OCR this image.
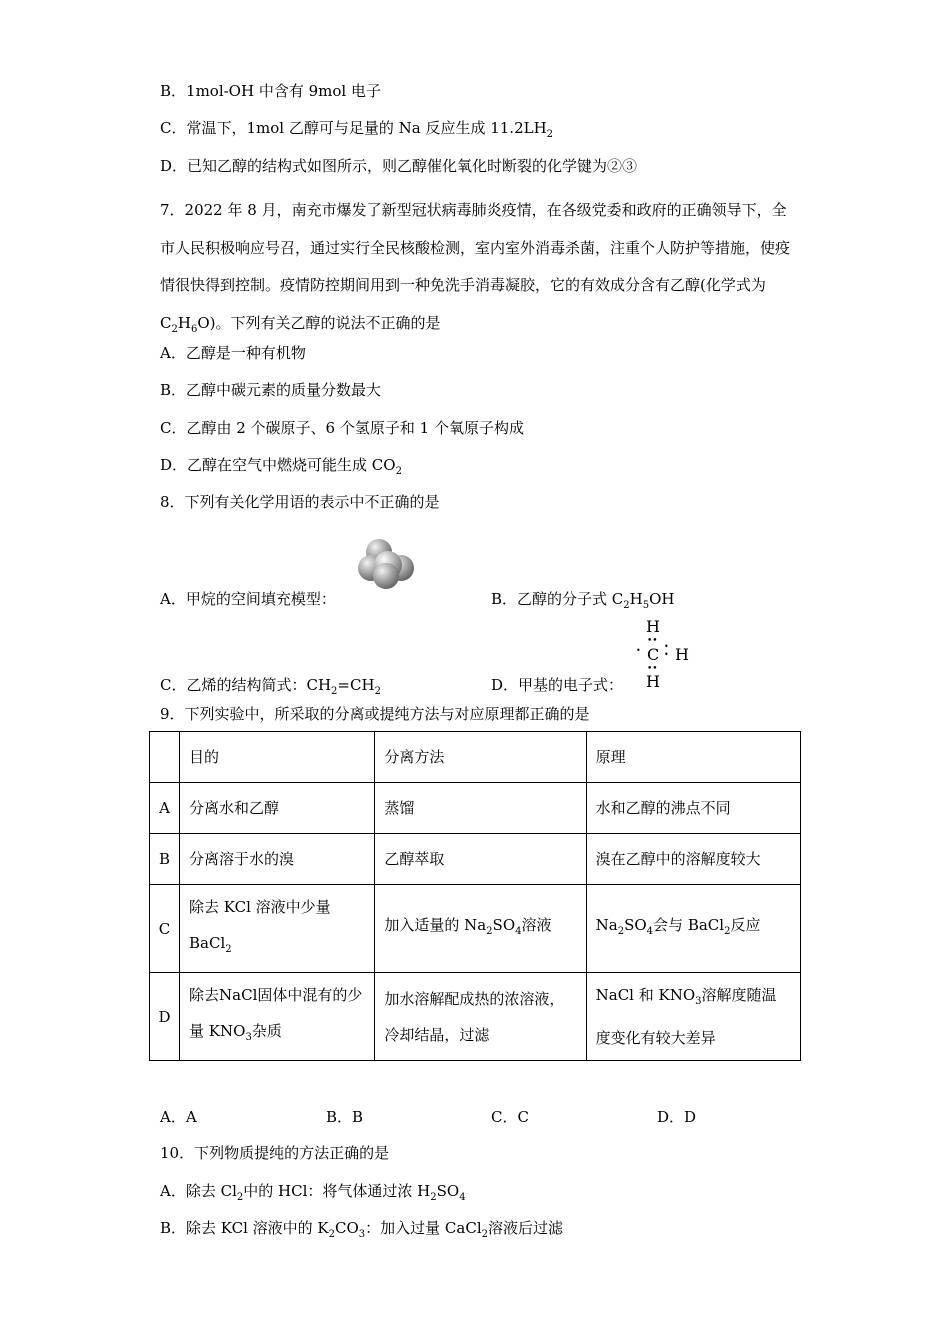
B．1mol-OH 中含有 9mol 电子
C．常温下，1mol 乙醇可与足量的 Na 反应生成 $11.2LH_2$
D．已知乙醇的结构式如图所示，则乙醇催化氧化时断裂的化学键为②③
7．2022 年 8 月，南充市爆发了新型冠状病毒肺炎疫情，在各级党委和政府的正确领导下，全市人民积极响应号召，通过实行全民核酸检测，室内室外消毒杀菌，注重个人防护等措施，使疫情很快得到控制。疫情防控期间用到一种免洗手消毒凝胶，它的有效成分含有乙醇(化学式为 $C_2H_6O$)。下列有关乙醇的说法不正确的是
A．乙醇是一种有机物
B．乙醇中碳元素的质量分数最大
C．乙醇由 2 个碳原子、6 个氢原子和 1 个氧原子构成
D．乙醇在空气中燃烧可能生成 $CO_2$
8．下列有关化学用语的表示中不正确的是
A．甲烷的空间填充模型：	B．乙醇的分子式 $C_2H_5OH$
C．乙烯的结构简式：$CH_2=CH_2$	D．甲基的电子式：
H
••
• C •
• H
••
H
9．下列实验中，所采取的分离或提纯方法与对应原理都正确的是
	目的	分离方法	原理
A	分离水和乙醇	蒸馏	水和乙醇的沸点不同
B	分离溶于水的溴	乙醇萃取	溴在乙醇中的溶解度较大
C	除去 KCl 溶液中少量 BaCl$_2$	加入适量的 $Na_2SO_4$溶液	$Na_2SO_4$会与 BaCl$_2$反应
D	除去NaCl固体中混有的少量 $KNO_3$杂质	加水溶解配成热的浓溶液，冷却结晶，过滤	NaCl 和 $KNO_3$溶解度随温度变化有较大差异
A．A	B．B	C．C	D．D
10．下列物质提纯的方法正确的是
A．除去 $Cl_2$中的 HCl：将气体通过浓 $H_2SO_4$
B．除去 KCl 溶液中的 $K_2CO_3$：加入过量 CaCl$_2$溶液后过滤
